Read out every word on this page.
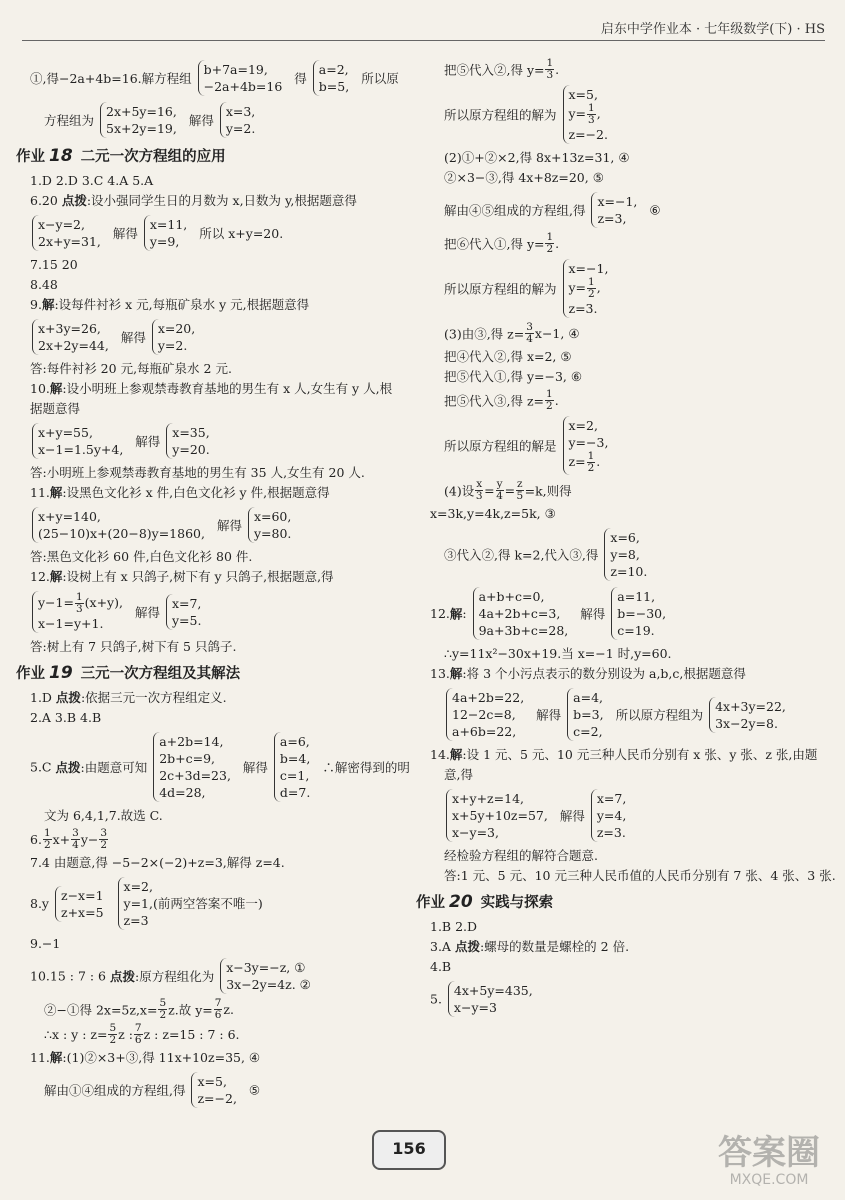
启东中学作业本 · 七年级数学(下) · HS
①,得−2a+4b=16.解方程组
b+7a=19,
−2a+4b=16
得
a=2,
b=5,
所以原
方程组为
2x+5y=16,
5x+2y=19,
解得
x=3,
y=2.
作业 18 二元一次方程组的应用

1.D 2.D 3.C 4.A 5.A

6.20 点拨:设小强同学生日的月数为 x,日数为 y,根据题意得

x−y=2,
2x+y=31,
解得
x=11,
y=9,
所以 x+y=20.

7.15 20

8.48

9.解:设每件衬衫 x 元,每瓶矿泉水 y 元,根据题意得

x+3y=26,
2x+2y=44,
解得
x=20,
y=2.

答:每件衬衫 20 元,每瓶矿泉水 2 元.

10.解:设小明班上参观禁毒教育基地的男生有 x 人,女生有 y 人,根

据题意得

x+y=55,
x−1=1.5y+4,
解得
x=35,
y=20.

答:小明班上参观禁毒教育基地的男生有 35 人,女生有 20 人.

11.解:设黑色文化衫 x 件,白色文化衫 y 件,根据题意得

x+y=140,
(25−10)x+(20−8)y=1860,
解得
x=60,
y=80.

答:黑色文化衫 60 件,白色文化衫 80 件.

12.解:设树上有 x 只鸽子,树下有 y 只鸽子,根据题意,得

$y-1= \frac{1}{3} (x+y)$,
x−1=y+1.
解得
x=7,
y=5.

答:树上有 7 只鸽子,树下有 5 只鸽子.

作业 19 三元一次方程组及其解法

1.D 点拨:依据三元一次方程组定义.

2.A 3.B 4.B

5.C 点拨:由题意可知
a+2b=14,
2b+c=9,
2c+3d=23,
4d=28,
解得
a=6,
b=4,
c=1,
d=7.
∴解密得到的明

文为 6,4,1,7.故选 C.

6. $\frac{1}{2} x+ \frac{3}{4} y- \frac{3}{2}$

7.4 由题意,得 −5−2×(−2)+z=3,解得 z=4.

8.y
z−x=1
z+x=5

x=2,
y=1,(前两空答案不唯一)
z=3

9.−1

10.15 : 7 : 6 点拨:原方程组化为
x−3y=−z, ①
3x−2y=4z. ②
②−①得 $2x=5z,x= \frac{5}{2} z$.故 $y= \frac{7}{6} z$.
∴x : y : $z= \frac{5}{2}$ z : $\frac{7}{6}$ z : z=15 : 7 : 6.

11.解:(1)②×3+③,得 11x+10z=35, ④

解由①④组成的方程组,得
x=5,
z=−2,
⑤
把⑤代入②,得 $y= \frac{1}{3}$ .
所以原方程组的解为
x=5,
$y= \frac{1}{3}$ ,
z=−2.

(2)①+②×2,得 8x+13z=31, ④

②×3−③,得 4x+8z=20, ⑤

解由④⑤组成的方程组,得
x=−1,
z=3,
⑥
把⑥代入①,得 $y= \frac{1}{2}$ .
所以原方程组的解为
x=−1,
$y= \frac{1}{2}$ ,
z=3.
(3)由③,得 $z= \frac{3}{4} x-1$, ④

把④代入②,得 x=2, ⑤

把⑤代入①,得 y=−3, ⑥

把⑤代入③,得 $z= \frac{1}{2}$ .
所以原方程组的解是
x=2,
y=−3,
$z= \frac{1}{2}$ .
(4)设 $\frac{x}{3} = \frac{y}{4} = \frac{z}{5} =k$,则得

x=3k,y=4k,z=5k, ③

③代入②,得 k=2,代入③,得
x=6,
y=8,
z=10.
12.解:
a+b+c=0,
4a+2b+c=3,
9a+3b+c=28,
解得
a=11,
b=−30,
c=19.

∴y=11x²−30x+19.当 x=−1 时,y=60.

13.解:将 3 个小污点表示的数分别设为 a,b,c,根据题意得

4a+2b=22,
12−2c=8,
a+6b=22,
解得
a=4,
b=3,
c=2,
所以原方程组为
4x+3y=22,
3x−2y=8.

14.解:设 1 元、5 元、10 元三种人民币分别有 x 张、y 张、z 张,由题

意,得

x+y+z=14,
x+5y+10z=57,
x−y=3,
解得
x=7,
y=4,
z=3.

经检验方程组的解符合题意.

答:1 元、5 元、10 元三种人民币值的人民币分别有 7 张、4 张、3 张.

作业 20 实践与探索

1.B 2.D

3.A 点拨:螺母的数量是螺栓的 2 倍.

4.B

5.
4x+5y=435,
x−y=3
156	答案圈
MXQE.COM
